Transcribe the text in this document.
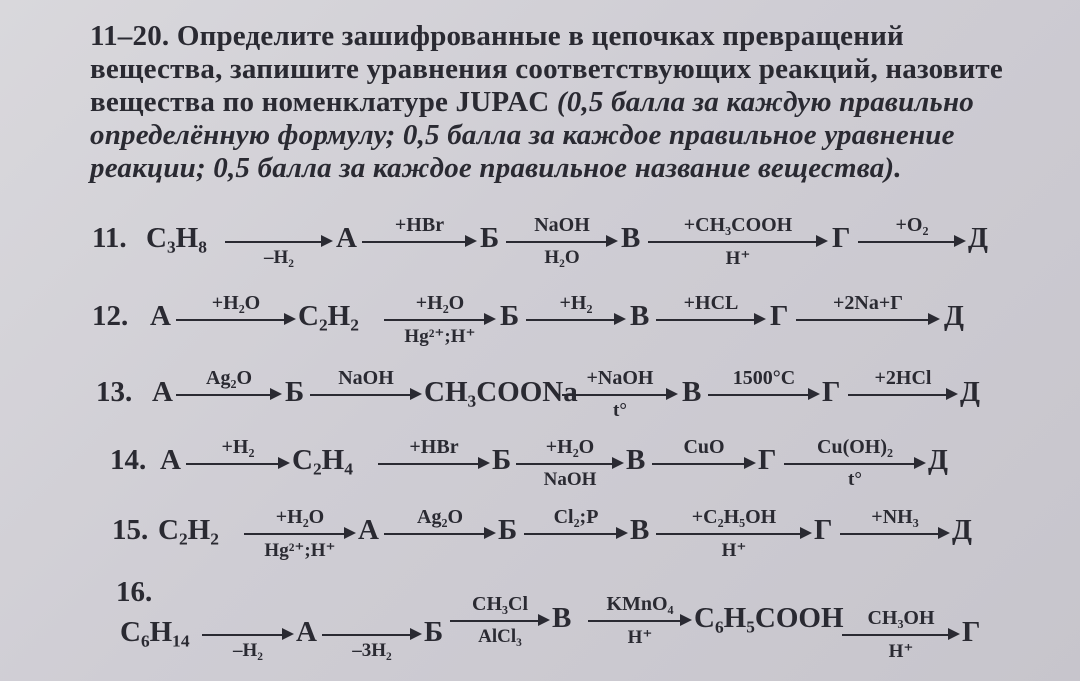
11–20. Определите зашифрованные в цепочках превращений вещества, запишите уравнения соответствующих реакций, назовите вещества по номенклатуре JUPAC (0,5 балла за каждую правильно определённую формулу; 0,5 балла за каждое правильное уравнение реакции; 0,5 балла за каждое правильное название вещества).
11. C₃H₈
–H₂
A	+HBr	Б	NaOH
H₂O
B	+CH₃COOH
H⁺
Г	+O₂	Д
12. A	+H₂O	C₂H₂	+H₂O
Hg²⁺;H⁺
Б	+H₂	B	+HCL	Г	+2Na+Г	Д
13. A	Ag₂O	Б	NaOH	CH₃COONa +NaOH
t°
B	1500°C Г	+2HCl Д
14. A	+H₂	C₂H₄	+HBr	Б	+H₂O
NaOH
B	CuO	Г	Cu(OH)₂
t°
Д
15. C₂H₂	+H₂O
Hg²⁺;H⁺
A	Ag₂O	Б	Cl₂;P	B	+C₂H₅OH
H⁺
Г	+NH₃	Д
16.
C₆H₁₄
–H₂
A
–3H₂
Б
CH₃Cl
AlCl₃
B	KMnO₄
H⁺
C₆H₅COOH	CH₃OH
H⁺
Г
